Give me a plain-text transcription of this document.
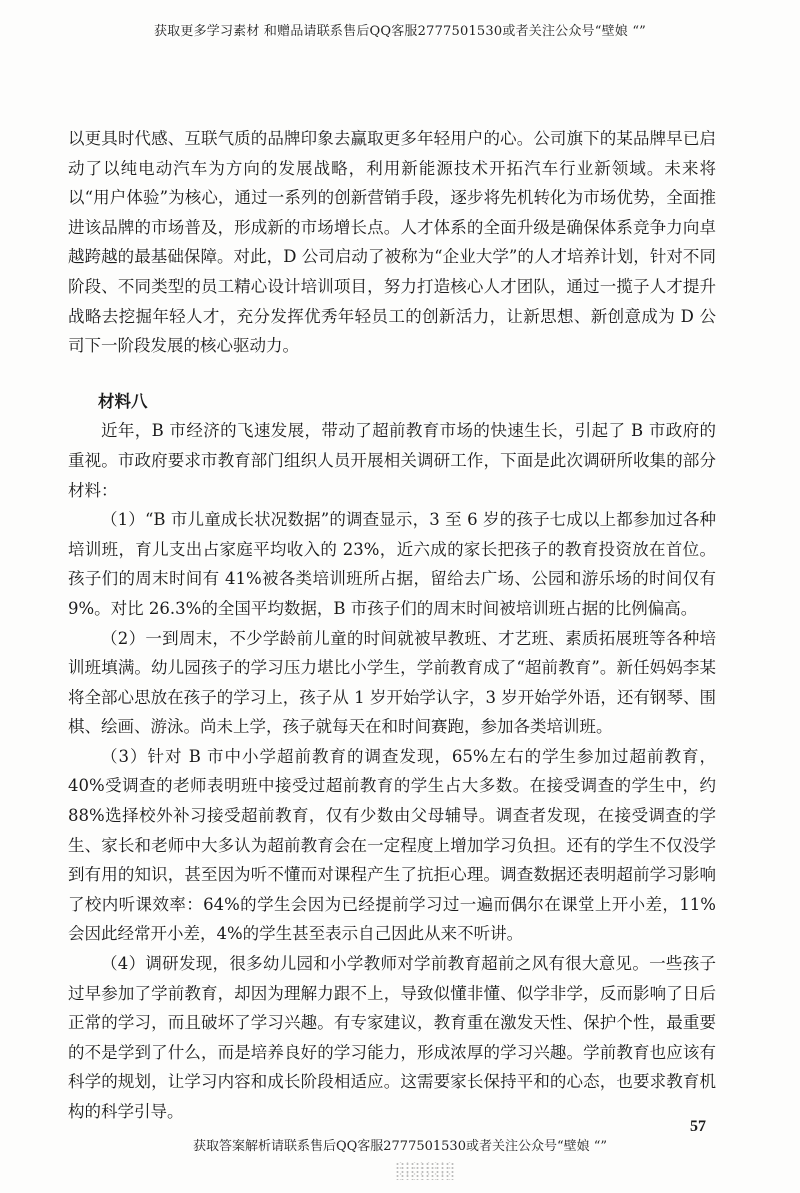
获取更多学习素材 和赠品请联系售后QQ客服2777501530或者关注公众号“壁娘 “”

以更具时代感、互联气质的品牌印象去赢取更多年轻用户的心。公司旗下的某品牌早已启动了以纯电动汽车为方向的发展战略，利用新能源技术开拓汽车行业新领域。未来将以“用户体验”为核心，通过一系列的创新营销手段，逐步将先机转化为市场优势，全面推进该品牌的市场普及，形成新的市场增长点。人才体系的全面升级是确保体系竞争力向卓越跨越的最基础保障。对此，D 公司启动了被称为“企业大学”的人才培养计划，针对不同阶段、不同类型的员工精心设计培训项目，努力打造核心人才团队，通过一揽子人才提升战略去挖掘年轻人才，充分发挥优秀年轻员工的创新活力，让新思想、新创意成为 D 公司下一阶段发展的核心驱动力。

材料八

近年，B 市经济的飞速发展，带动了超前教育市场的快速生长，引起了 B 市政府的重视。市政府要求市教育部门组织人员开展相关调研工作，下面是此次调研所收集的部分材料：

（1）“B 市儿童成长状况数据”的调查显示，3 至 6 岁的孩子七成以上都参加过各种培训班，育儿支出占家庭平均收入的 23%，近六成的家长把孩子的教育投资放在首位。孩子们的周末时间有 41%被各类培训班所占据，留给去广场、公园和游乐场的时间仅有 9%。对比 26.3%的全国平均数据，B 市孩子们的周末时间被培训班占据的比例偏高。

（2）一到周末，不少学龄前儿童的时间就被早教班、才艺班、素质拓展班等各种培训班填满。幼儿园孩子的学习压力堪比小学生，学前教育成了“超前教育”。新任妈妈李某将全部心思放在孩子的学习上，孩子从 1 岁开始学认字，3 岁开始学外语，还有钢琴、围棋、绘画、游泳。尚未上学，孩子就每天在和时间赛跑，参加各类培训班。

（3）针对 B 市中小学超前教育的调查发现，65%左右的学生参加过超前教育，40%受调查的老师表明班中接受过超前教育的学生占大多数。在接受调查的学生中，约 88%选择校外补习接受超前教育，仅有少数由父母辅导。调查者发现，在接受调查的学生、家长和老师中大多认为超前教育会在一定程度上增加学习负担。还有的学生不仅没学到有用的知识，甚至因为听不懂而对课程产生了抗拒心理。调查数据还表明超前学习影响了校内听课效率：64%的学生会因为已经提前学习过一遍而偶尔在课堂上开小差，11%会因此经常开小差，4%的学生甚至表示自己因此从来不听讲。

（4）调研发现，很多幼儿园和小学教师对学前教育超前之风有很大意见。一些孩子过早参加了学前教育，却因为理解力跟不上，导致似懂非懂、似学非学，反而影响了日后正常的学习，而且破坏了学习兴趣。有专家建议，教育重在激发天性、保护个性，最重要的不是学到了什么，而是培养良好的学习能力，形成浓厚的学习兴趣。学前教育也应该有科学的规划，让学习内容和成长阶段相适应。这需要家长保持平和的心态，也要求教育机构的科学引导。

57
获取答案解析请联系售后QQ客服2777501530或者关注公众号“壁娘 “”
